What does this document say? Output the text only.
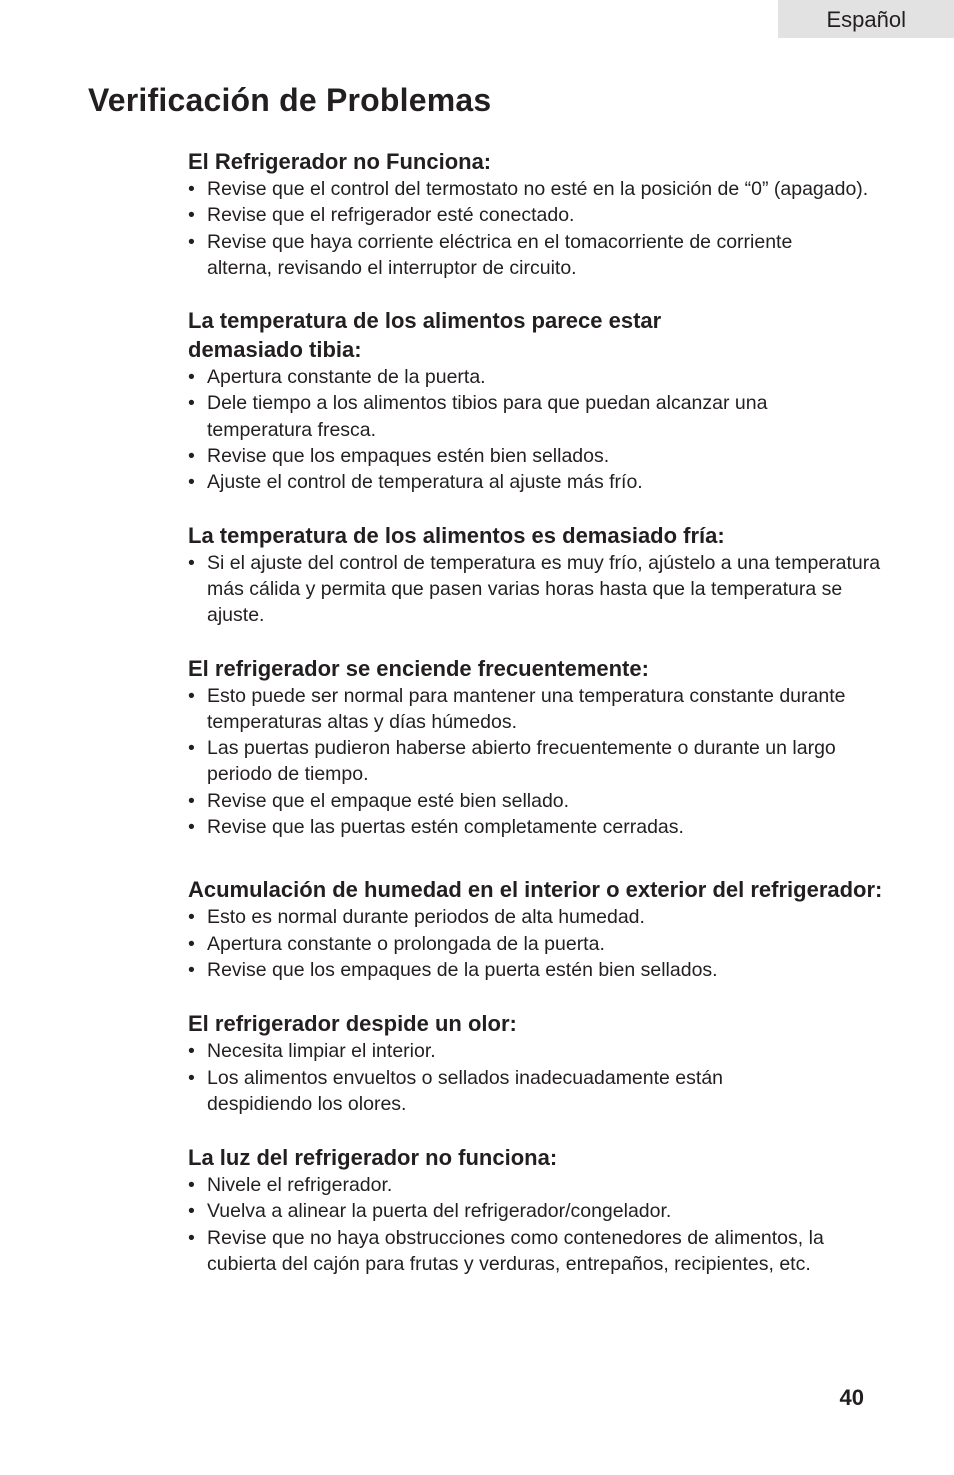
Español
Verificación de Problemas
El Refrigerador no Funciona:
• Revise que el control del termostato no esté en la posición de “0” (apagado).
• Revise que el refrigerador esté conectado.
• Revise que haya corriente eléctrica en el tomacorriente de corriente alterna, revisando el interruptor de circuito.
La temperatura de los alimentos parece estar demasiado tibia:
• Apertura constante de la puerta.
• Dele tiempo a los alimentos tibios para que puedan alcanzar una temperatura fresca.
• Revise que los empaques estén bien sellados.
• Ajuste el control de temperatura al ajuste más frío.
La temperatura de los alimentos es demasiado fría:
• Si el ajuste del control de temperatura es muy frío, ajústelo a una temperatura más cálida y permita que pasen varias horas hasta que la temperatura se ajuste.
El refrigerador se enciende frecuentemente:
• Esto puede ser normal para mantener una temperatura constante durante temperaturas altas y días húmedos.
• Las puertas pudieron haberse abierto frecuentemente o durante un largo periodo de tiempo.
• Revise que el empaque esté bien sellado.
• Revise que las puertas estén completamente cerradas.
Acumulación de humedad en el interior o exterior del refrigerador:
• Esto es normal durante periodos de alta humedad.
• Apertura constante o prolongada de la puerta.
• Revise que los empaques de la puerta estén bien sellados.
El refrigerador despide un olor:
• Necesita limpiar el interior.
• Los alimentos envueltos o sellados inadecuadamente están despidiendo los olores.
La luz del refrigerador no funciona:
• Nivele el refrigerador.
• Vuelva a alinear la puerta del refrigerador/congelador.
• Revise que no haya obstrucciones como contenedores de alimentos, la cubierta del cajón para frutas y verduras, entrepaños, recipientes, etc.
40
